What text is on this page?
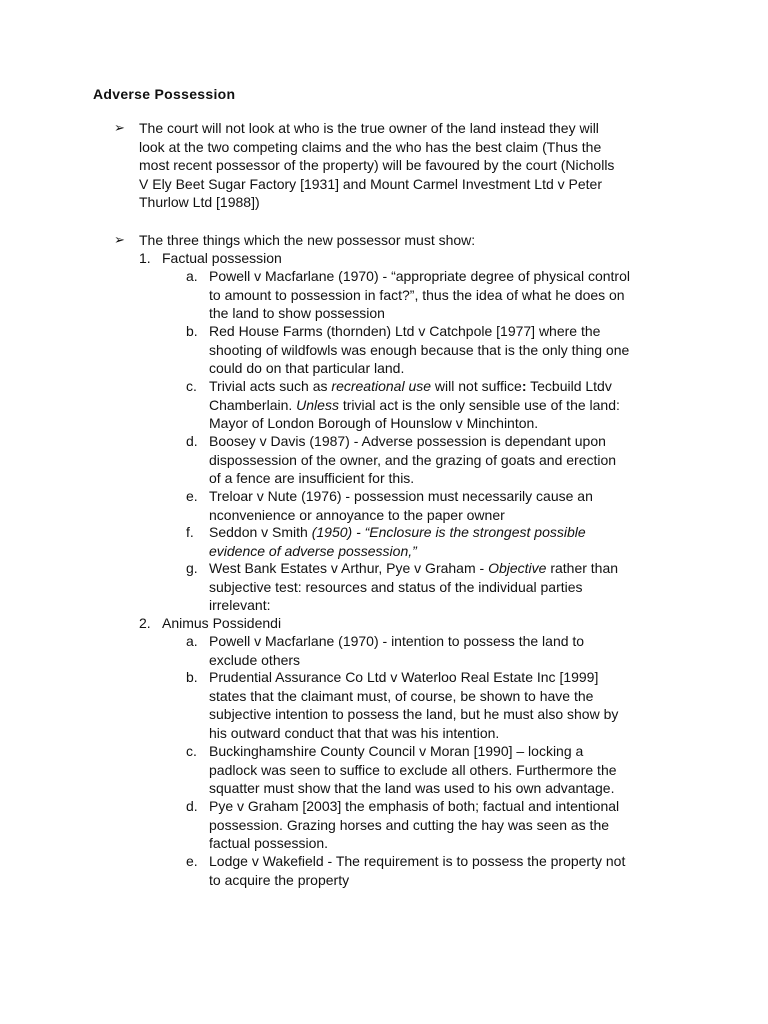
Adverse Possession
➢ The court will not look at who is the true owner of the land instead they will
look at the two competing claims and the who has the best claim (Thus the
most recent possessor of the property) will be favoured by the court (Nicholls
V Ely Beet Sugar Factory [1931] and Mount Carmel Investment Ltd v Peter
Thurlow Ltd [1988])
➢ The three things which the new possessor must show:
1. Factual possession
a. Powell v Macfarlane (1970) - “appropriate degree of physical control
to amount to possession in fact?”, thus the idea of what he does on
the land to show possession
b. Red House Farms (thornden) Ltd v Catchpole [1977] where the
shooting of wildfowls was enough because that is the only thing one
could do on that particular land.
c. Trivial acts such as recreational use will not suffice: Tecbuild Ltdv
Chamberlain. Unless trivial act is the only sensible use of the land:
Mayor of London Borough of Hounslow v Minchinton.
d. Boosey v Davis (1987) - Adverse possession is dependant upon
dispossession of the owner, and the grazing of goats and erection
of a fence are insufficient for this.
e. Treloar v Nute (1976) - possession must necessarily cause an
nconvenience or annoyance to the paper owner
f. Seddon v Smith (1950) - “Enclosure is the strongest possible
evidence of adverse possession,”
g. West Bank Estates v Arthur, Pye v Graham - Objective rather than
subjective test: resources and status of the individual parties
irrelevant:
2. Animus Possidendi
a. Powell v Macfarlane (1970) - intention to possess the land to
exclude others
b. Prudential Assurance Co Ltd v Waterloo Real Estate Inc [1999]
states that the claimant must, of course, be shown to have the
subjective intention to possess the land, but he must also show by
his outward conduct that that was his intention.
c. Buckinghamshire County Council v Moran [1990] – locking a
padlock was seen to suffice to exclude all others. Furthermore the
squatter must show that the land was used to his own advantage.
d. Pye v Graham [2003] the emphasis of both; factual and intentional
possession. Grazing horses and cutting the hay was seen as the
factual possession.
e. Lodge v Wakefield - The requirement is to possess the property not
to acquire the property
